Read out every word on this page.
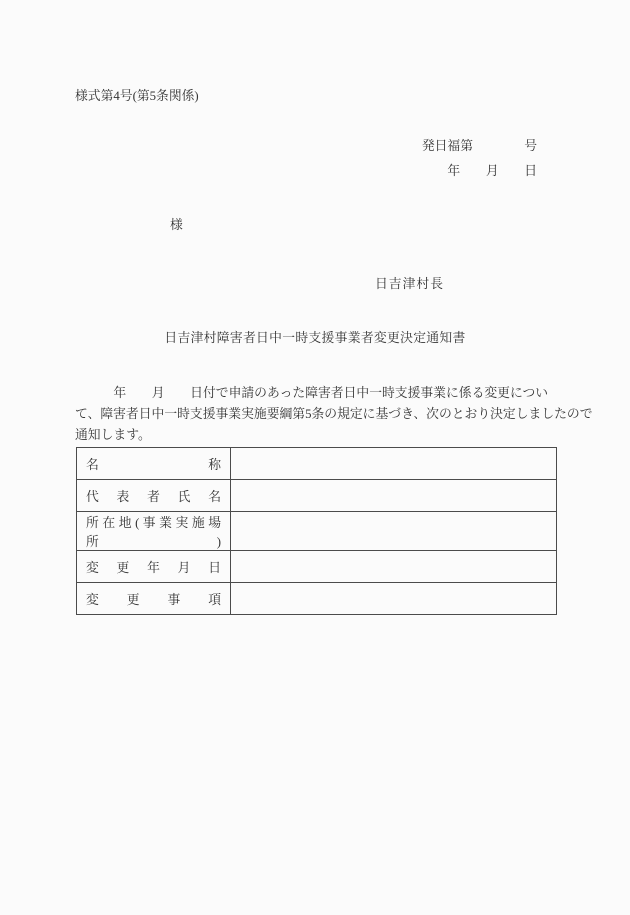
様式第4号(第5条関係)
発日福第　　　　号
年　　月　　日
様
日吉津村長
日吉津村障害者日中一時支援事業者変更決定通知書
　　　年　　月　　日付で申請のあった障害者日中一時支援事業に係る変更につい
て、障害者日中一時支援事業実施要綱第5条の規定に基づき、次のとおり決定しましたので
通知します。
名 称	
代 表 者 氏 名	
所 在 地 ( 事 業 実 施 場 所 )	
変 更 年 月 日	
変 更 事 項	
